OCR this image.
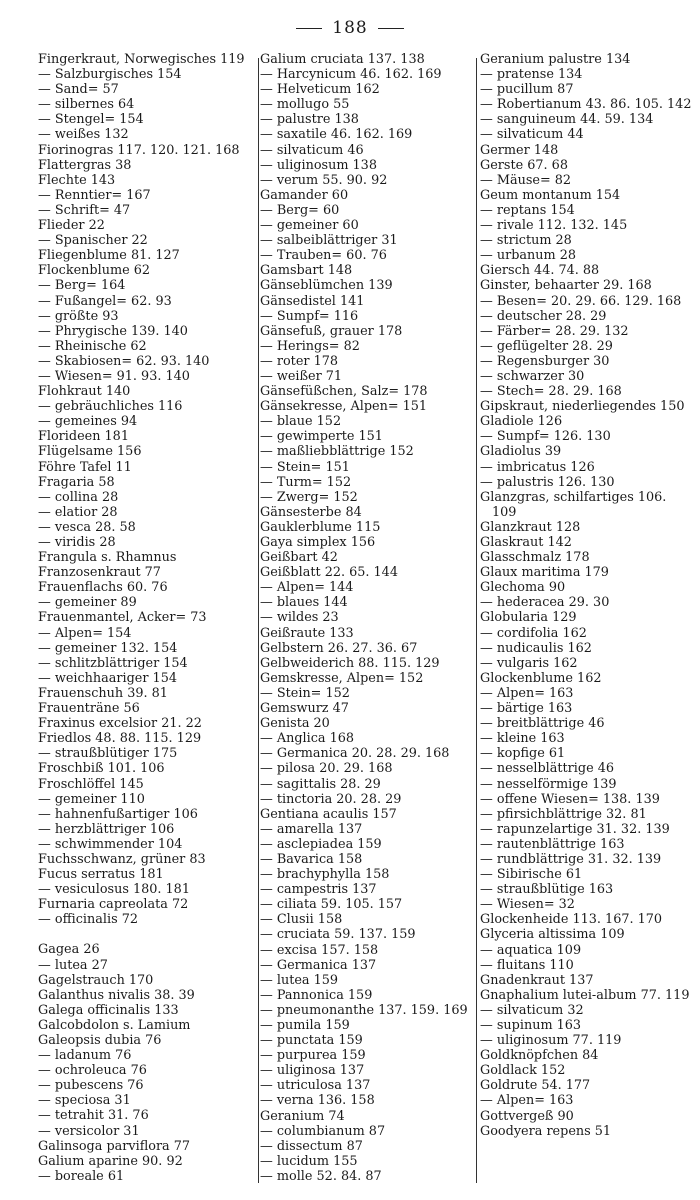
188
Fingerkraut, Norwegisches 119
— Salzburgisches 154
— Sand= 57
— silbernes 64
— Stengel= 154
— weißes 132
Fiorinogras 117. 120. 121. 168
Flattergras 38
Flechte 143
— Renntier= 167
— Schrift= 47
Flieder 22
— Spanischer 22
Fliegenblume 81. 127
Flockenblume 62
— Berg= 164
— Fußangel= 62. 93
— größte 93
— Phrygische 139. 140
— Rheinische 62
— Skabiosen= 62. 93. 140
— Wiesen= 91. 93. 140
Flohkraut 140
— gebräuchliches 116
— gemeines 94
Florideen 181
Flügelsame 156
Föhre Tafel 11
Fragaria 58
— collina 28
— elatior 28
— vesca 28. 58
— viridis 28
Frangula s. Rhamnus
Franzosenkraut 77
Frauenflachs 60. 76
— gemeiner 89
Frauenmantel, Acker= 73
— Alpen= 154
— gemeiner 132. 154
— schlitzblättriger 154
— weichhaariger 154
Frauenschuh 39. 81
Frauenträne 56
Fraxinus excelsior 21. 22
Friedlos 48. 88. 115. 129
— straußblütiger 175
Froschbiß 101. 106
Froschlöffel 145
— gemeiner 110
— hahnenfußartiger 106
— herzblättriger 106
— schwimmender 104
Fuchsschwanz, grüner 83
Fucus serratus 181
— vesiculosus 180. 181
Furnaria capreolata 72
— officinalis 72
Gagea 26
— lutea 27
Gagelstrauch 170
Galanthus nivalis 38. 39
Galega officinalis 133
Galcobdolon s. Lamium
Galeopsis dubia 76
— ladanum 76
— ochroleuca 76
— pubescens 76
— speciosa 31
— tetrahit 31. 76
— versicolor 31
Galinsoga parviflora 77
Galium aparine 90. 92
— boreale 61
Galium cruciata 137. 138
— Harcynicum 46. 162. 169
— Helveticum 162
— mollugo 55
— palustre 138
— saxatile 46. 162. 169
— silvaticum 46
— uliginosum 138
— verum 55. 90. 92
Gamander 60
— Berg= 60
— gemeiner 60
— salbeiblättriger 31
— Trauben= 60. 76
Gamsbart 148
Gänseblümchen 139
Gänsedistel 141
— Sumpf= 116
Gänsefuß, grauer 178
— Herings= 82
— roter 178
— weißer 71
Gänsefüßchen, Salz= 178
Gänsekresse, Alpen= 151
— blaue 152
— gewimperte 151
— maßliebblättrige 152
— Stein= 151
— Turm= 152
— Zwerg= 152
Gänsesterbe 84
Gauklerblume 115
Gaya simplex 156
Geißbart 42
Geißblatt 22. 65. 144
— Alpen= 144
— blaues 144
— wildes 23
Geißraute 133
Gelbstern 26. 27. 36. 67
Gelbweiderich 88. 115. 129
Gemskresse, Alpen= 152
— Stein= 152
Gemswurz 47
Genista 20
— Anglica 168
— Germanica 20. 28. 29. 168
— pilosa 20. 29. 168
— sagittalis 28. 29
— tinctoria 20. 28. 29
Gentiana acaulis 157
— amarella 137
— asclepiadea 159
— Bavarica 158
— brachyphylla 158
— campestris 137
— ciliata 59. 105. 157
— Clusii 158
— cruciata 59. 137. 159
— excisa 157. 158
— Germanica 137
— lutea 159
— Pannonica 159
— pneumonanthe 137. 159. 169
— pumila 159
— punctata 159
— purpurea 159
— uliginosa 137
— utriculosa 137
— verna 136. 158
Geranium 74
— columbianum 87
— dissectum 87
— lucidum 155
— molle 52. 84. 87
Geranium palustre 134
— pratense 134
— pucillum 87
— Robertianum 43. 86. 105. 142
— sanguineum 44. 59. 134
— silvaticum 44
Germer 148
Gerste 67. 68
— Mäuse= 82
Geum montanum 154
— reptans 154
— rivale 112. 132. 145
— strictum 28
— urbanum 28
Giersch 44. 74. 88
Ginster, behaarter 29. 168
— Besen= 20. 29. 66. 129. 168
— deutscher 28. 29
— Färber= 28. 29. 132
— geflügelter 28. 29
— Regensburger 30
— schwarzer 30
— Stech= 28. 29. 168
Gipskraut, niederliegendes 150
Gladiole 126
— Sumpf= 126. 130
Gladiolus 39
— imbricatus 126
— palustris 126. 130
Glanzgras, schilfartiges 106. 109
Glanzkraut 128
Glaskraut 142
Glasschmalz 178
Glaux maritima 179
Glechoma 90
— hederacea 29. 30
Globularia 129
— cordifolia 162
— nudicaulis 162
— vulgaris 162
Glockenblume 162
— Alpen= 163
— bärtige 163
— breitblättrige 46
— kleine 163
— kopfige 61
— nesselblättrige 46
— nesselförmige 139
— offene Wiesen= 138. 139
— pfirsichblättrige 32. 81
— rapunzelartige 31. 32. 139
— rautenblättrige 163
— rundblättrige 31. 32. 139
— Sibirische 61
— straußblütige 163
— Wiesen= 32
Glockenheide 113. 167. 170
Glyceria altissima 109
— aquatica 109
— fluitans 110
Gnadenkraut 137
Gnaphalium lutei-album 77. 119
— silvaticum 32
— supinum 163
— uliginosum 77. 119
Goldknöpfchen 84
Goldlack 152
Goldrute 54. 177
— Alpen= 163
Gottvergeß 90
Goodyera repens 51
